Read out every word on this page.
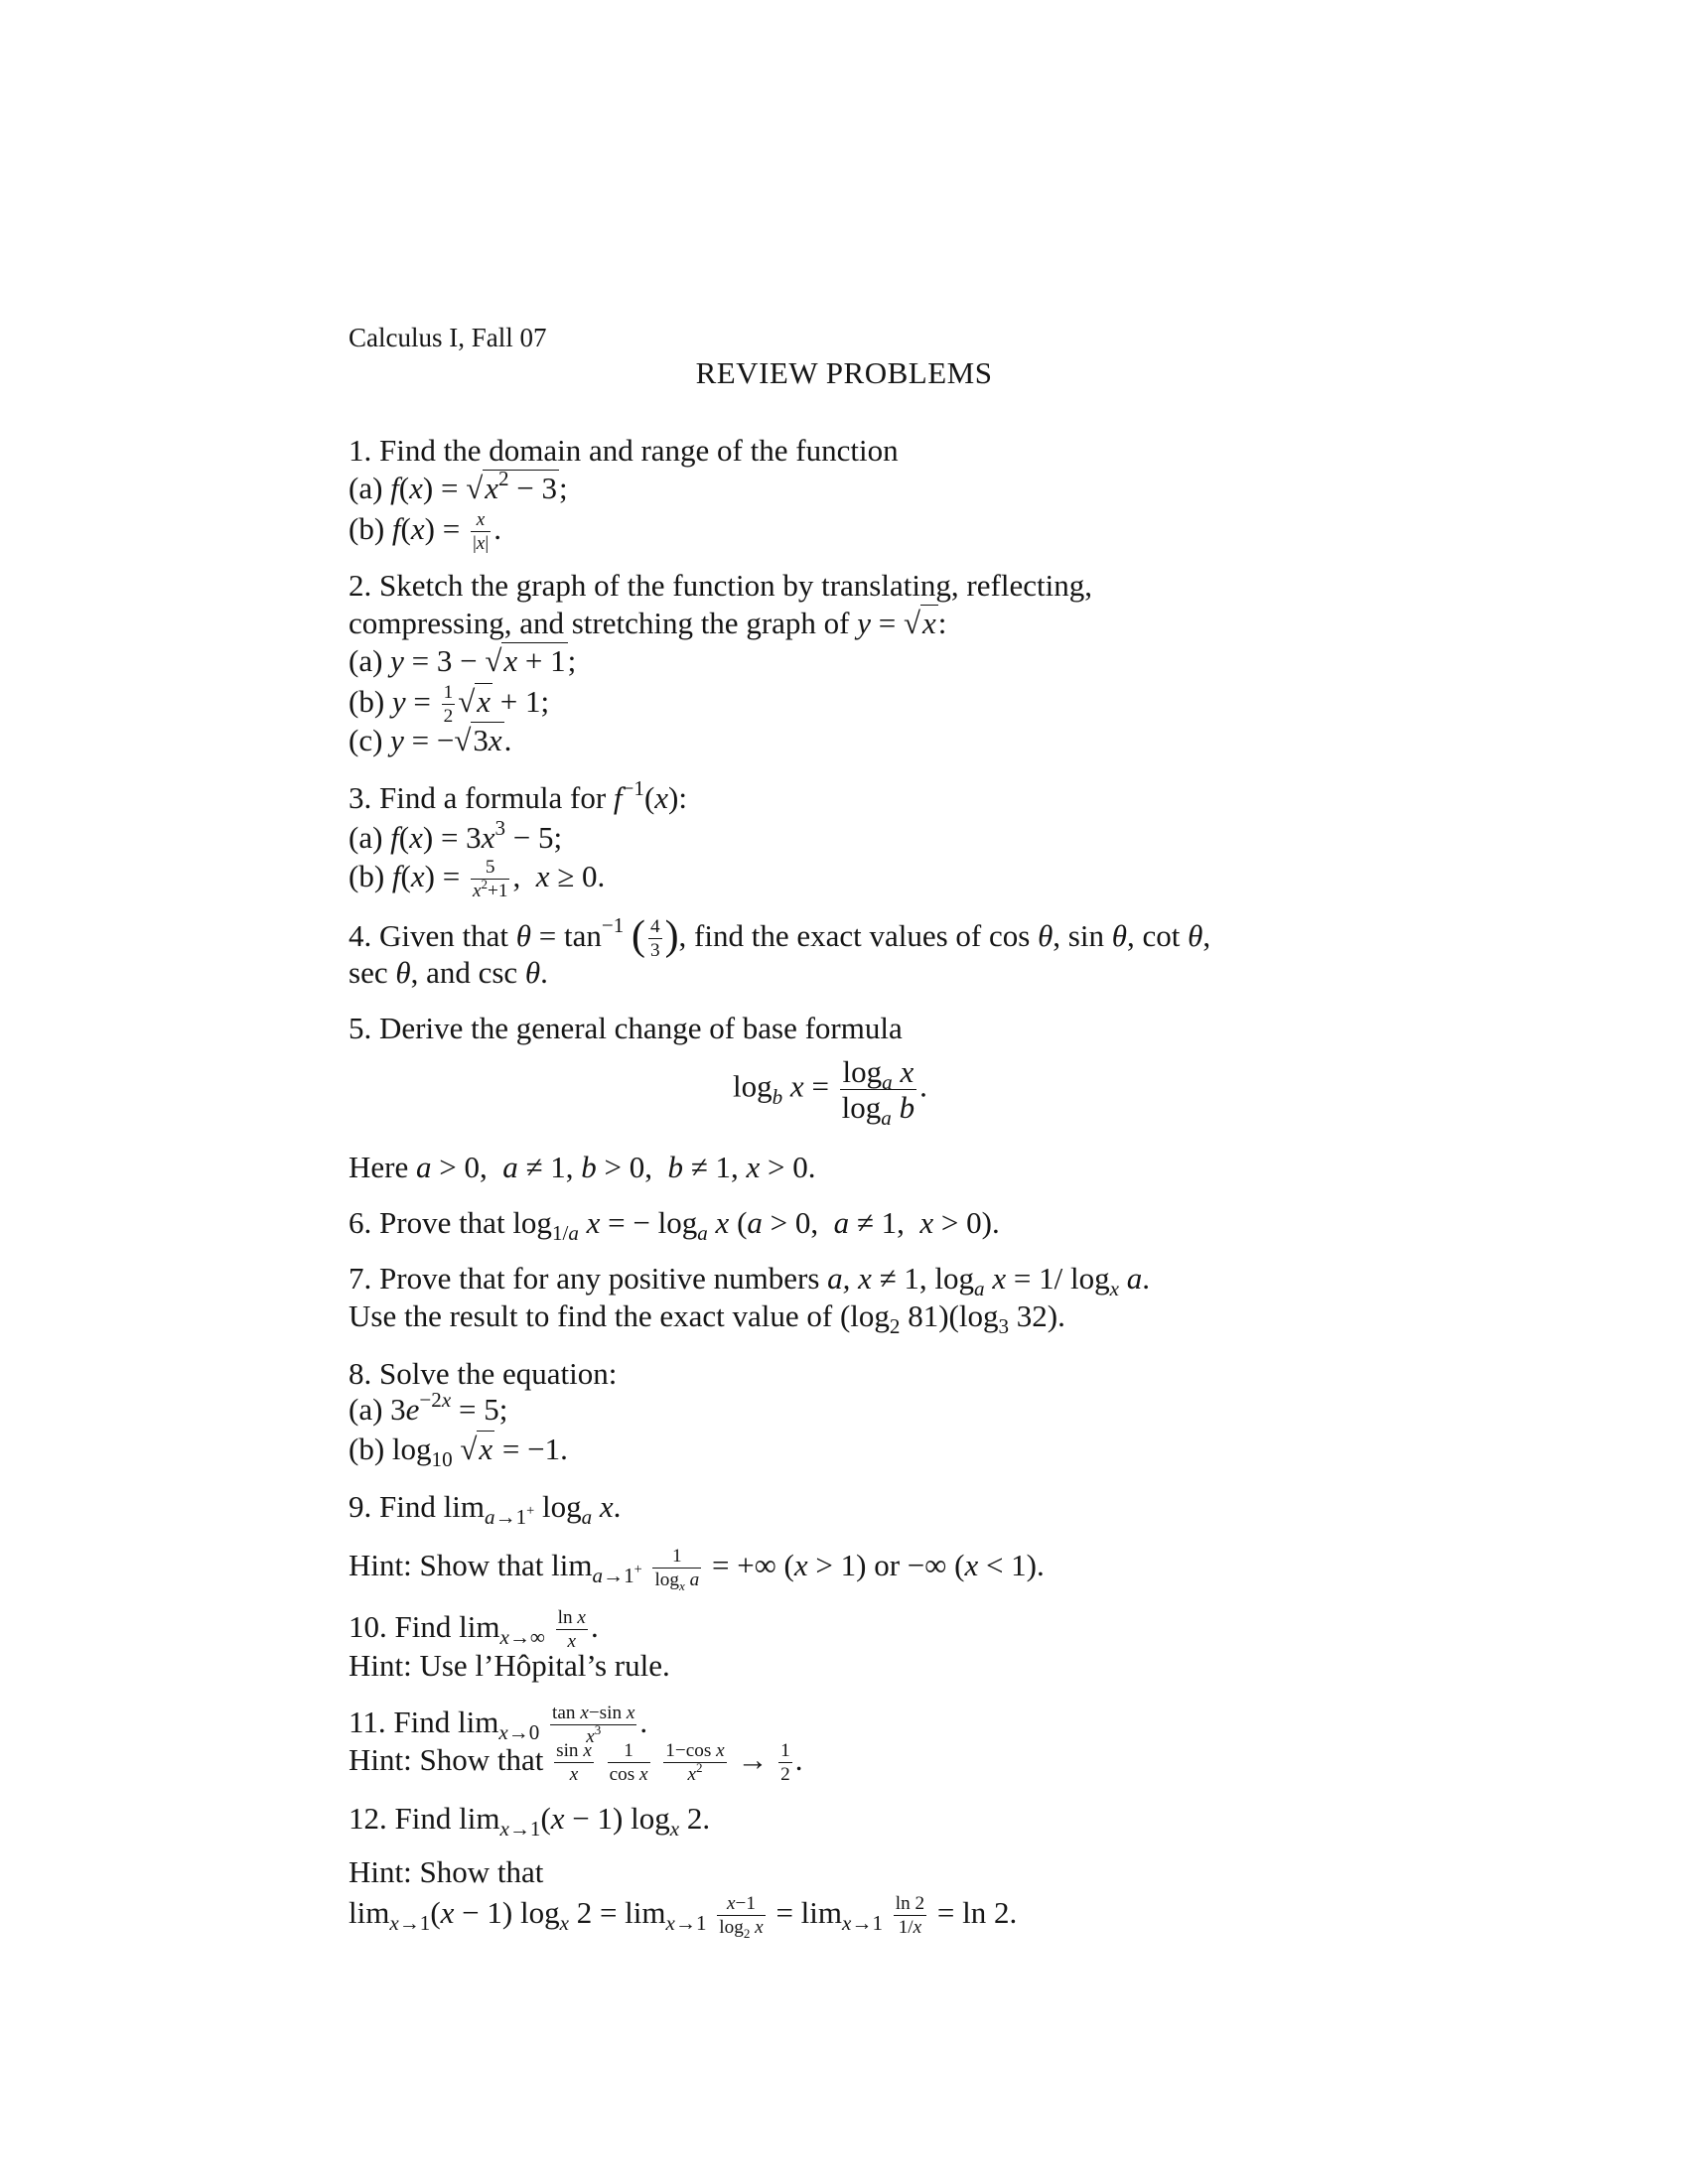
Calculus I, Fall 07
REVIEW PROBLEMS
1. Find the domain and range of the function
(a) $f(x) = √x^2 - 3$;
(b) $f(x) = \frac{x}{|x|}$ .
2. Sketch the graph of the function by translating, reflecting,
compressing, and stretching the graph of y = √x:
(a) y = 3 − √x + 1;
(b) $y = \frac{1}{2} √x + 1$;
(c) y = −√3x.
3. Find a formula for $f^{-1}(x)$:
(a) $f(x) = 3x^3 - 5$;
(b) $f(x) = \frac{5}{x^2+1}$ ,  x ≥ 0.
4. Given that $\theta = \tan^{-1}$ ( $\frac{4}{3}$ ), find the exact values of cos θ, sin θ, cot θ,
sec θ, and csc θ.
5. Derive the general change of base formula
$\log_b x = \frac{\log_a x}{\log_a b}$ .
Here a > 0,  a ≠ 1, b > 0,  b ≠ 1, x > 0.
6. Prove that $\log_{1/a} x$ = − $\log_a x$ (a > 0,  a ≠ 1,  x > 0).
7. Prove that for any positive numbers a, x ≠ 1, $\log_a x = 1/$ $\log_x a$.
Use the result to find the exact value of ($\log_2$ $81)(\log_3$ 32).
8. Solve the equation:
(a) $3e^{-2x} = 5$;
(b) $\log_{10} √x = -1$.
9. Find $\lim_{a\to 1^+} \log_a x$.
Hint: Show that $\lim_{a\to 1^+} \frac{1}{\log_x a}$ = +∞ (x > 1) or −∞ (x < 1).
10. Find $\lim_{x\to\infty} \frac{\text{ln x}}{x}$ .
Hint: Use l’Hôpital’s rule.
11. Find $\lim_{x\to 0} \frac{\text{tan x−sin x}}{x^3}$ .
Hint: Show that $\frac{\text{sin x}}{x}$
$\frac{1}{\text{cos x}}$
$\frac{\text{1−cos x}}{x^2} \to \frac{1}{2}$ .
12. Find $\lim_{x\to 1}(x - 1)$ $\log_x 2$.
Hint: Show that
$\lim_{x\to 1}(x - 1)$ $\log_x 2 = \lim_{x\to 1} \frac{x-1}{\log_2 x} = \lim_{x\to 1} \frac{\ln 2}{1/x} = \ln 2$.
